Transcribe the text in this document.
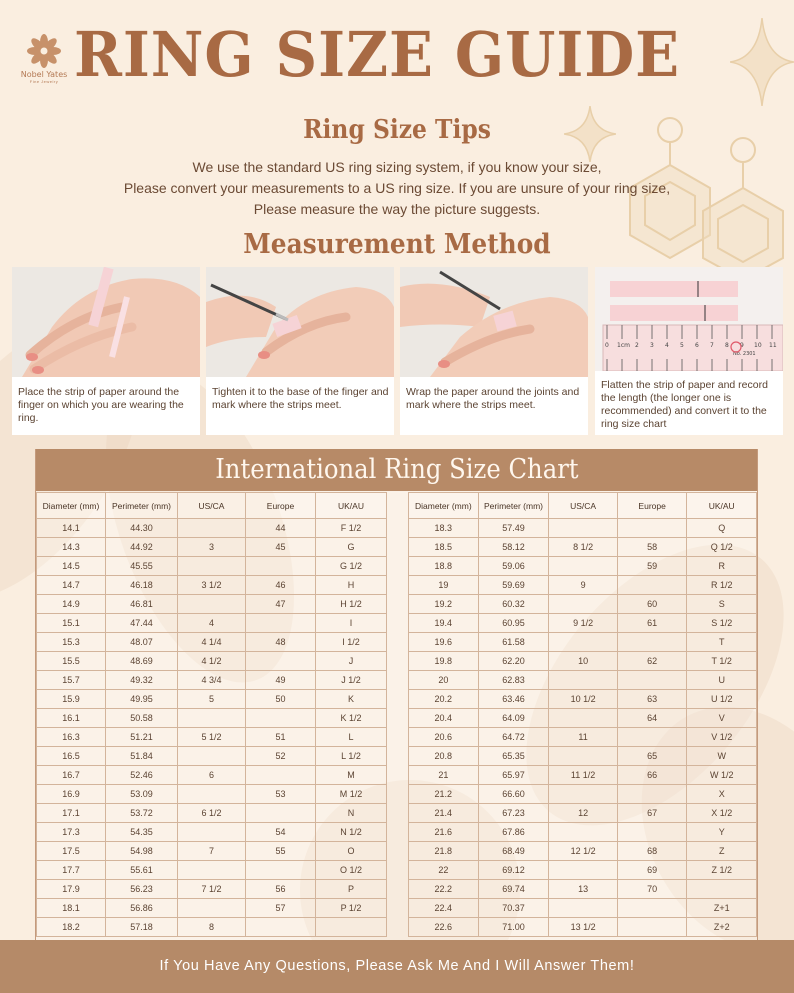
Nobel Yates
Fine Jewelry RING SIZE GUIDE
Ring Size Tips
We use the standard US ring sizing system, if you know your size,
Please convert your measurements to a US ring size. If you are unsure of your ring size,
Please measure the way the picture suggests.
Measurement Method
Place the strip of paper around the finger on which you are wearing the ring.
Tighten it to the base of the finger and mark where the strips meet.
Wrap the paper around the joints and mark where the strips meet.
0 1cm 2 3 4 5 6 7 8 9 10 11
No. 2301
Flatten the strip of paper and record the length (the longer one is recommended) and convert it to the ring size chart
International Ring Size Chart
Diameter (mm)	Perimeter (mm)	US/CA	Europe	UK/AU
14.1	44.30		44	F 1/2
14.3	44.92	3	45	G
14.5	45.55			G 1/2
14.7	46.18	3 1/2	46	H
14.9	46.81		47	H 1/2
15.1	47.44	4		I
15.3	48.07	4 1/4	48	I 1/2
15.5	48.69	4 1/2		J
15.7	49.32	4 3/4	49	J 1/2
15.9	49.95	5	50	K
16.1	50.58			K 1/2
16.3	51.21	5 1/2	51	L
16.5	51.84		52	L 1/2
16.7	52.46	6		M
16.9	53.09		53	M 1/2
17.1	53.72	6 1/2		N
17.3	54.35		54	N 1/2
17.5	54.98	7	55	O
17.7	55.61			O 1/2
17.9	56.23	7 1/2	56	P
18.1	56.86		57	P 1/2
18.2	57.18	8		
Diameter (mm)	Perimeter (mm)	US/CA	Europe	UK/AU
18.3	57.49			Q
18.5	58.12	8 1/2	58	Q 1/2
18.8	59.06		59	R
19	59.69	9		R 1/2
19.2	60.32		60	S
19.4	60.95	9 1/2	61	S 1/2
19.6	61.58			T
19.8	62.20	10	62	T 1/2
20	62.83			U
20.2	63.46	10 1/2	63	U 1/2
20.4	64.09		64	V
20.6	64.72	11		V 1/2
20.8	65.35		65	W
21	65.97	11 1/2	66	W 1/2
21.2	66.60			X
21.4	67.23	12	67	X 1/2
21.6	67.86			Y
21.8	68.49	12 1/2	68	Z
22	69.12		69	Z 1/2
22.2	69.74	13	70	
22.4	70.37			Z+1
22.6	71.00	13 1/2		Z+2
If You Have Any Questions, Please Ask Me And I Will Answer Them!
